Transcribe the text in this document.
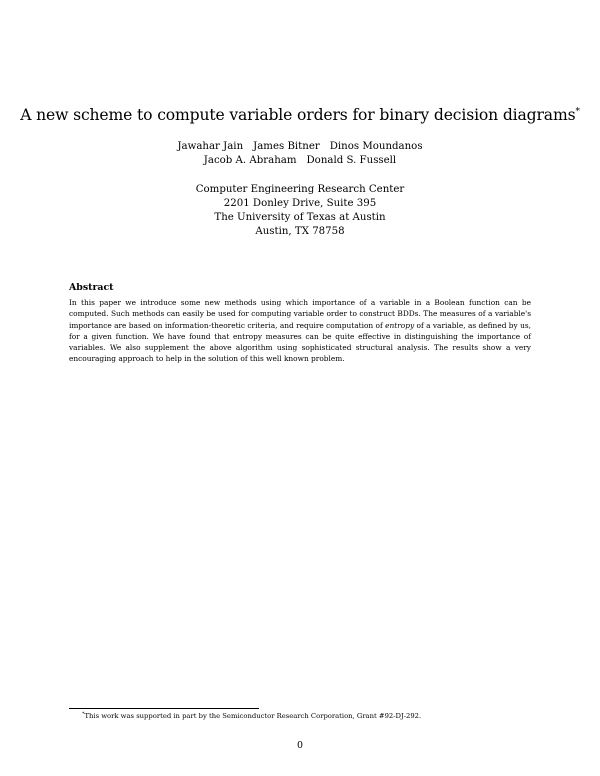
A new scheme to compute variable orders for binary decision diagrams*
Jawahar Jain James Bitner Dinos Moundanos
Jacob A. Abraham Donald S. Fussell
Computer Engineering Research Center
2201 Donley Drive, Suite 395
The University of Texas at Austin
Austin, TX 78758
Abstract
In this paper we introduce some new methods using which importance of a variable in a Boolean function can be computed. Such methods can easily be used for computing variable order to construct BDDs. The measures of a variable's importance are based on information-theoretic criteria, and require computation of entropy of a variable, as defined by us, for a given function. We have found that entropy measures can be quite effective in distinguishing the importance of variables. We also supplement the above algorithm using sophisticated structural analysis. The results show a very encouraging approach to help in the solution of this well known problem.
*This work was supported in part by the Semiconductor Research Corporation, Grant #92-DJ-292.
0
